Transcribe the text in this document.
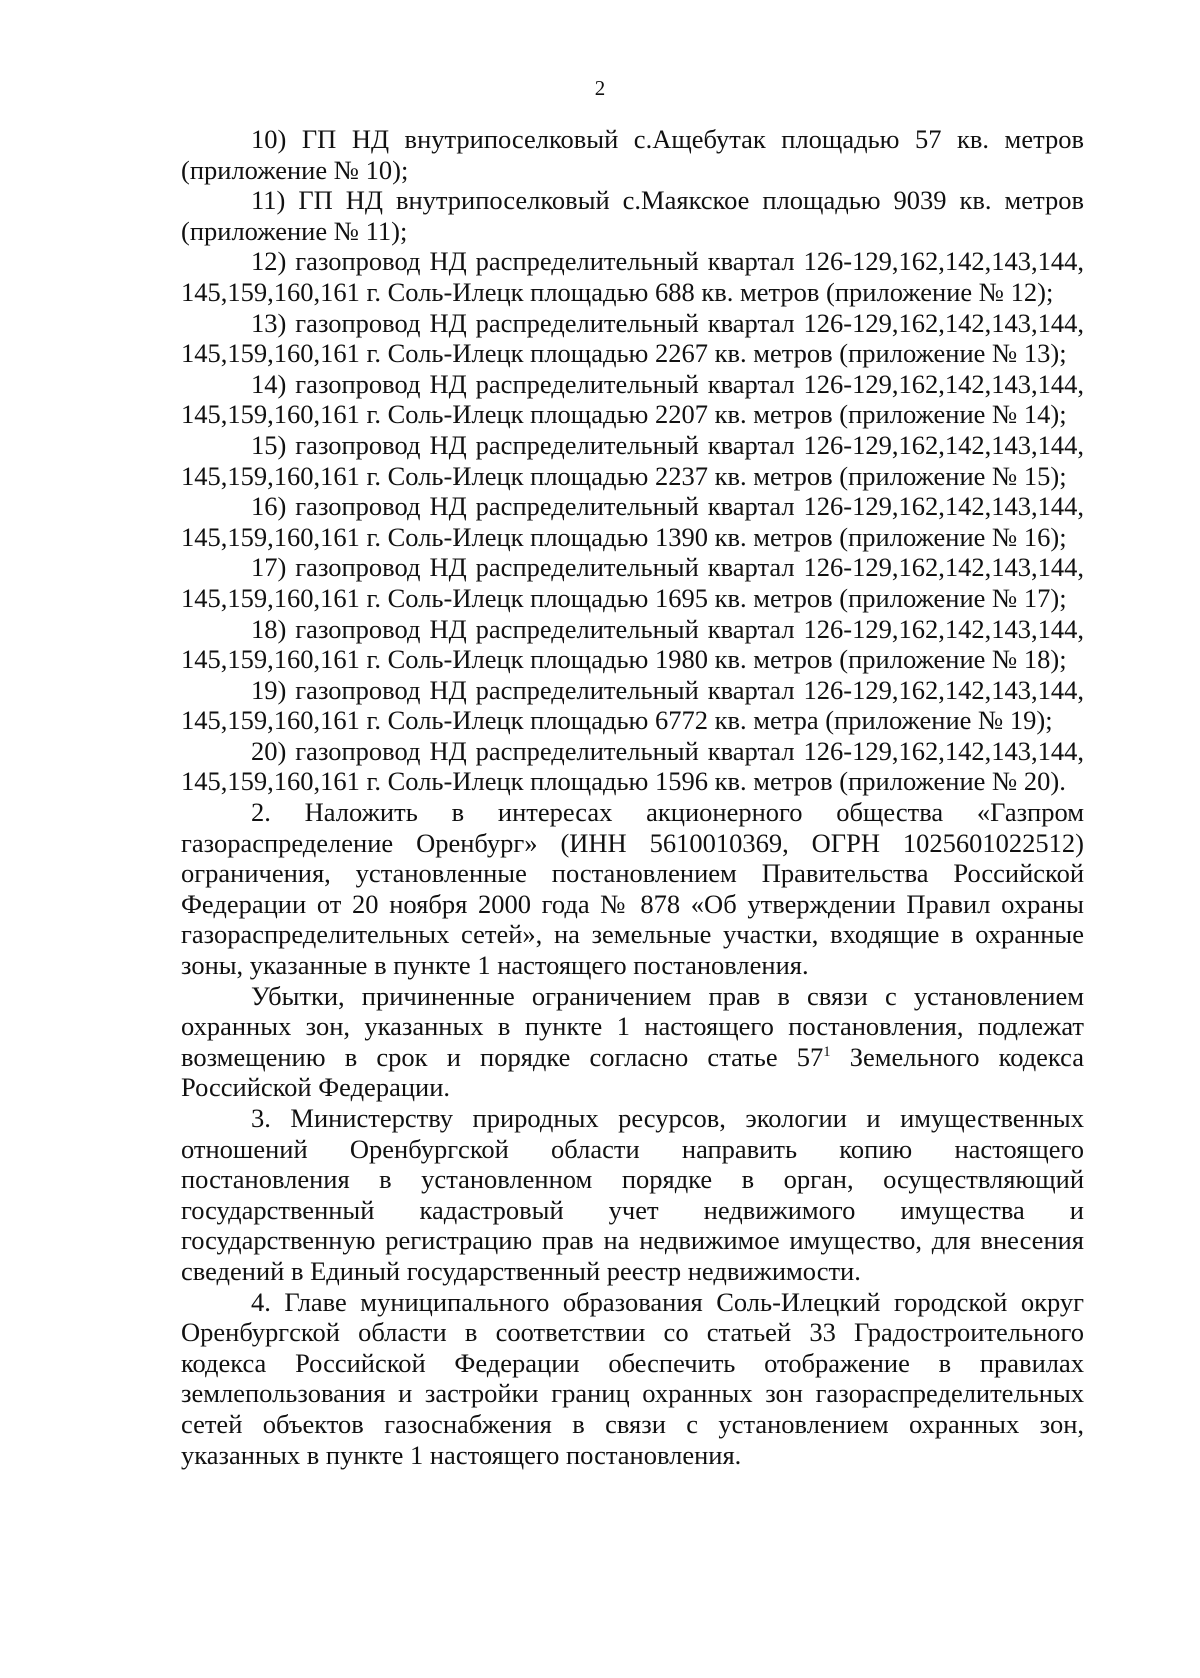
2
10) ГП НД внутрипоселковый с.Ащебутак площадью 57 кв. метров
(приложение № 10);
11) ГП НД внутрипоселковый с.Маякское площадью 9039 кв. метров
(приложение № 11);
12) газопровод НД распределительный квартал 126-129,162,142,143,144,
145,159,160,161 г. Соль-Илецк площадью 688 кв. метров (приложение № 12);
13) газопровод НД распределительный квартал 126-129,162,142,143,144,
145,159,160,161 г. Соль-Илецк площадью 2267 кв. метров (приложение № 13);
14) газопровод НД распределительный квартал 126-129,162,142,143,144,
145,159,160,161 г. Соль-Илецк площадью 2207 кв. метров (приложение № 14);
15) газопровод НД распределительный квартал 126-129,162,142,143,144,
145,159,160,161 г. Соль-Илецк площадью 2237 кв. метров (приложение № 15);
16) газопровод НД распределительный квартал 126-129,162,142,143,144,
145,159,160,161 г. Соль-Илецк площадью 1390 кв. метров (приложение № 16);
17) газопровод НД распределительный квартал 126-129,162,142,143,144,
145,159,160,161 г. Соль-Илецк площадью 1695 кв. метров (приложение № 17);
18) газопровод НД распределительный квартал 126-129,162,142,143,144,
145,159,160,161 г. Соль-Илецк площадью 1980 кв. метров (приложение № 18);
19) газопровод НД распределительный квартал 126-129,162,142,143,144,
145,159,160,161 г. Соль-Илецк площадью 6772 кв. метра (приложение № 19);
20) газопровод НД распределительный квартал 126-129,162,142,143,144,
145,159,160,161 г. Соль-Илецк площадью 1596 кв. метров (приложение № 20).
2. Наложить в интересах акционерного общества «Газпром
газораспределение Оренбург» (ИНН 5610010369, ОГРН 1025601022512)
ограничения, установленные постановлением Правительства Российской
Федерации от 20 ноября 2000 года № 878 «Об утверждении Правил охраны
газораспределительных сетей», на земельные участки, входящие в охранные
зоны, указанные в пункте 1 настоящего постановления.
Убытки, причиненные ограничением прав в связи с установлением
охранных зон, указанных в пункте 1 настоящего постановления, подлежат
возмещению в срок и порядке согласно статье $57^1$ Земельного кодекса
Российской Федерации.
3. Министерству природных ресурсов, экологии и имущественных
отношений Оренбургской области направить копию настоящего
постановления в установленном порядке в орган, осуществляющий
государственный кадастровый учет недвижимого имущества и
государственную регистрацию прав на недвижимое имущество, для внесения
сведений в Единый государственный реестр недвижимости.
4. Главе муниципального образования Соль-Илецкий городской округ
Оренбургской области в соответствии со статьей 33 Градостроительного
кодекса Российской Федерации обеспечить отображение в правилах
землепользования и застройки границ охранных зон газораспределительных
сетей объектов газоснабжения в связи с установлением охранных зон,
указанных в пункте 1 настоящего постановления.
